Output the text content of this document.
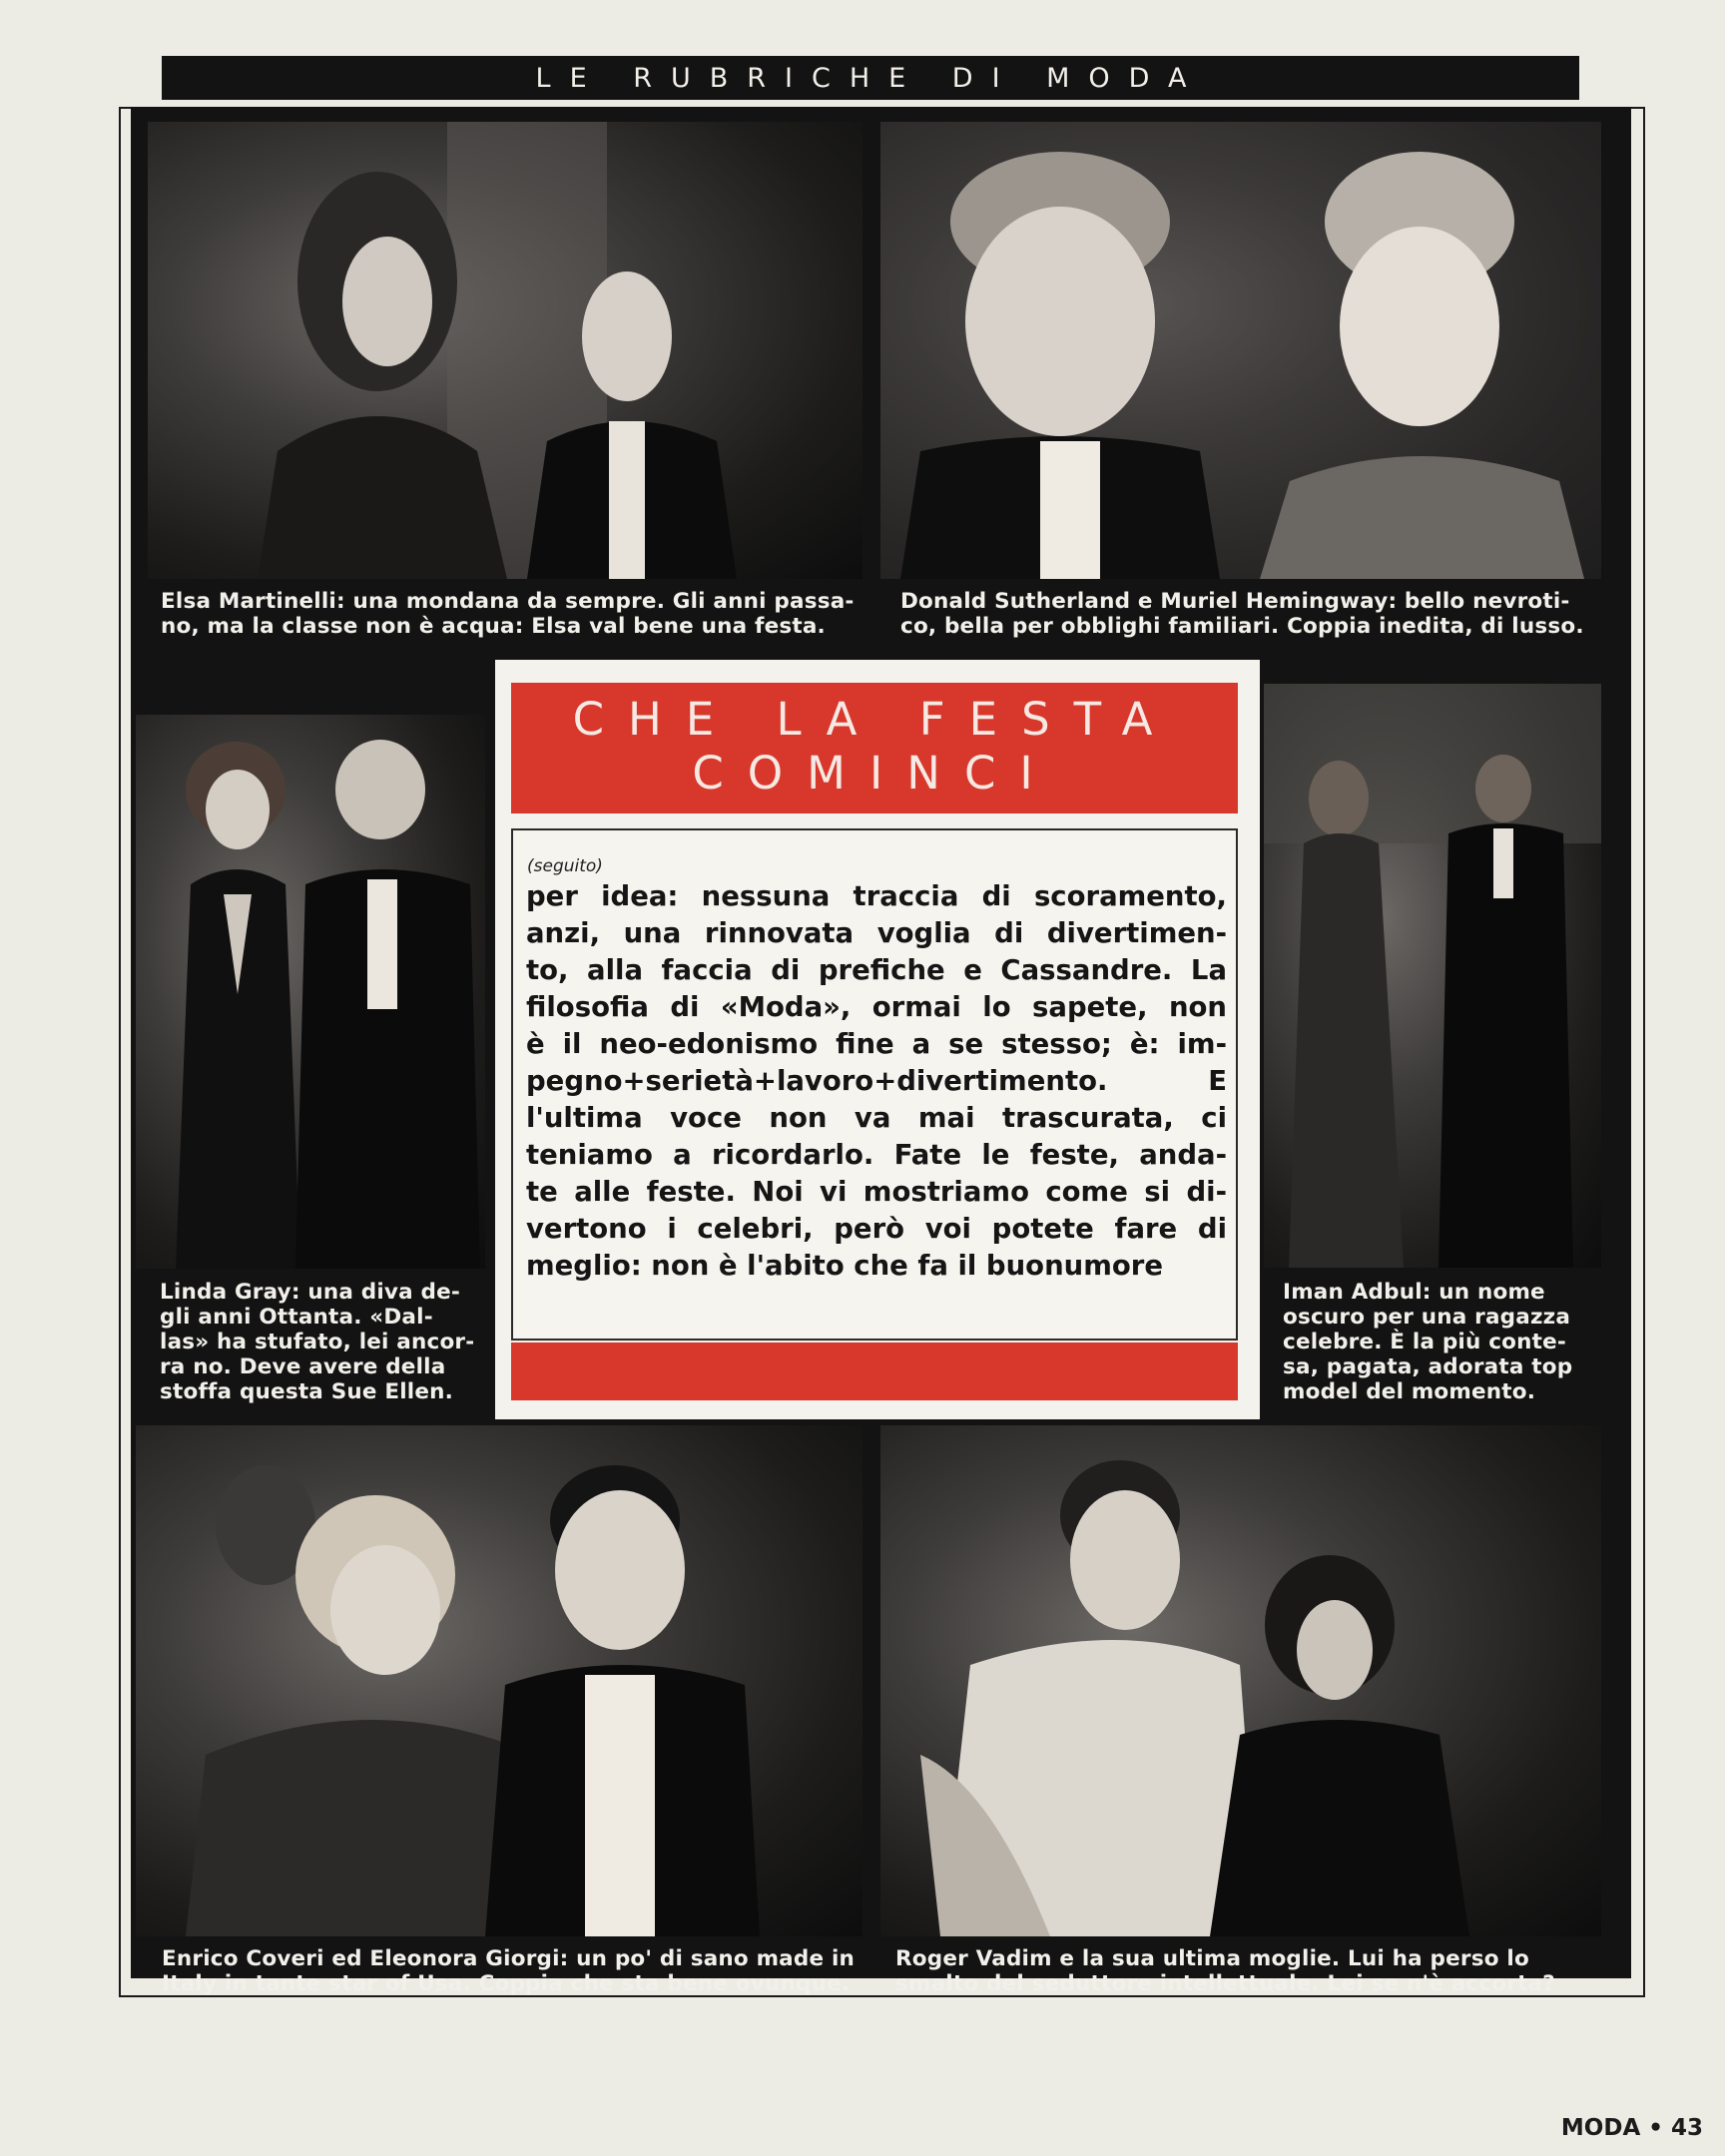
LE RUBRICHE DI MODA
Elsa Martinelli: una mondana da sempre. Gli anni passa-
no, ma la classe non è acqua: Elsa val bene una festa.
Donald Sutherland e Muriel Hemingway: bello nevroti-
co, bella per obblighi familiari. Coppia inedita, di lusso.
Linda Gray: una diva de-
gli anni Ottanta. «Dal-
las» ha stufato, lei ancor-
ra no. Deve avere della
stoffa questa Sue Ellen.
Iman Adbul: un nome
oscuro per una ragazza
celebre. È la più conte-
sa, pagata, adorata top
model del momento.
Enrico Coveri ed Eleonora Giorgi: un po' di sano made in
Italy in tante star of Usa. Coppia che sta bene ovunque.
Roger Vadim e la sua ultima moglie. Lui ha perso lo
smalto del seduttore intellettuale. Lei se n'è accorta?
CHE LA FESTA
COMINCI
(seguito)
per idea: nessuna traccia di scoramento,
anzi, una rinnovata voglia di divertimen-
to, alla faccia di prefiche e Cassandre. La
filosofia di «Moda», ormai lo sapete, non
è il neo-edonismo fine a se stesso; è: im-
pegno+serietà+lavoro+divertimento. E
l'ultima voce non va mai trascurata, ci
teniamo a ricordarlo. Fate le feste, anda-
te alle feste. Noi vi mostriamo come si di-
vertono i celebri, però voi potete fare di
meglio: non è l'abito che fa il buonumore
MODA • 43
